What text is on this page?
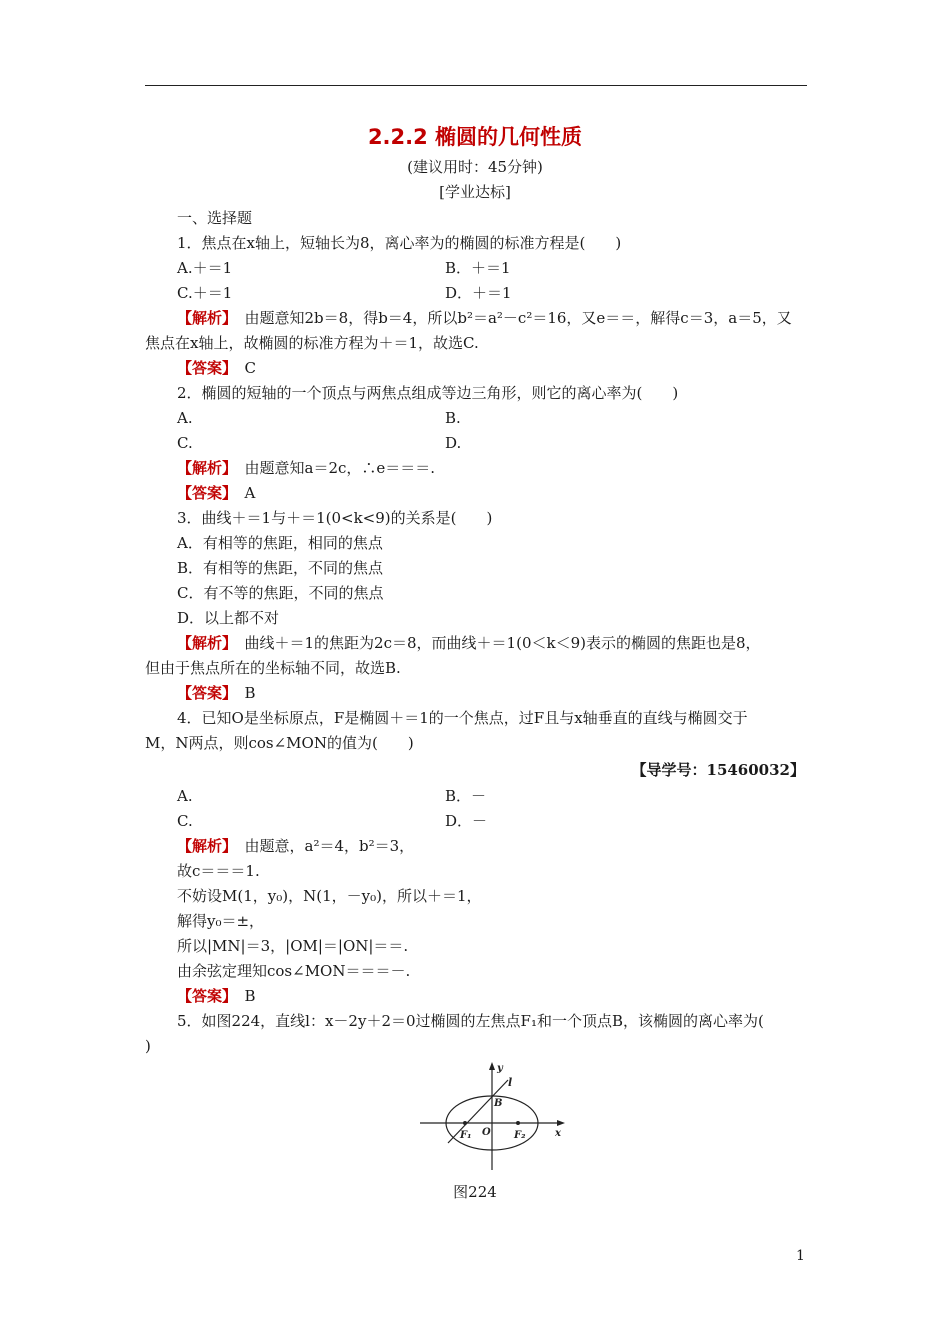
2.2.2 椭圆的几何性质
(建议用时：45分钟)
[学业达标]
一、选择题
1．焦点在x轴上，短轴长为8，离心率为的椭圆的标准方程是(　　)
A.＋＝1	B．＋＝1
C.＋＝1	D．＋＝1
【解析】　由题意知2b＝8，得b＝4，所以b²＝a²－c²＝16，又e＝＝，解得c＝3，a＝5，又
焦点在x轴上，故椭圆的标准方程为＋＝1，故选C.
【答案】　C
2．椭圆的短轴的一个顶点与两焦点组成等边三角形，则它的离心率为(　　)
A.	B.
C.	D.
【解析】　由题意知a＝2c，∴e＝＝＝.
【答案】　A
3．曲线＋＝1与＋＝1(0<k<9)的关系是(　　)
A．有相等的焦距，相同的焦点
B．有相等的焦距，不同的焦点
C．有不等的焦距，不同的焦点
D．以上都不对
【解析】　曲线＋＝1的焦距为2c＝8，而曲线＋＝1(0＜k＜9)表示的椭圆的焦距也是8，
但由于焦点所在的坐标轴不同，故选B.
【答案】　B
4．已知O是坐标原点，F是椭圆＋＝1的一个焦点，过F且与x轴垂直的直线与椭圆交于
M，N两点，则cos∠MON的值为(　　)
【导学号：15460032】
A.	B．－
C.	D．－
【解析】　由题意，a²＝4，b²＝3，
故c＝＝＝1.
不妨设M(1，y₀)，N(1，－y₀)，所以＋＝1，
解得y₀＝±，
所以|MN|＝3，|OM|＝|ON|＝＝.
由余弦定理知cos∠MON＝＝＝－.
【答案】　B
5．如图224，直线l：x－2y＋2＝0过椭圆的左焦点F₁和一个顶点B，该椭圆的离心率为(
)
y
l
B
O
F₁	F₂	x
图224
1
